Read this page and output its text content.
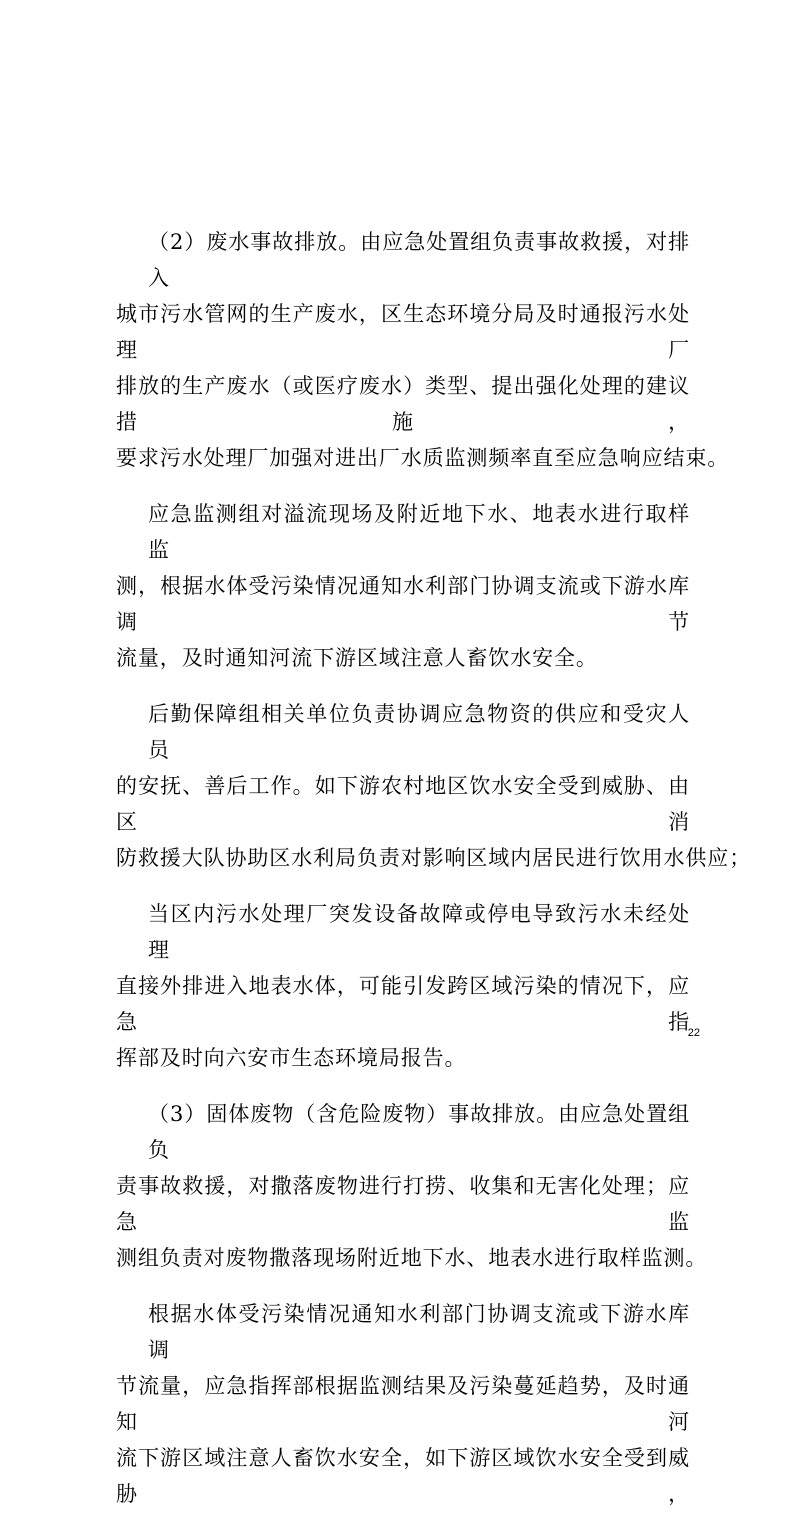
（2）废水事故排放。由应急处置组负责事故救援，对排入
城市污水管网的生产废水，区生态环境分局及时通报污水处理厂
排放的生产废水（或医疗废水）类型、提出强化处理的建议措施，
要求污水处理厂加强对进出厂水质监测频率直至应急响应结束。

应急监测组对溢流现场及附近地下水、地表水进行取样监
测，根据水体受污染情况通知水利部门协调支流或下游水库调节
流量，及时通知河流下游区域注意人畜饮水安全。

后勤保障组相关单位负责协调应急物资的供应和受灾人员
的安抚、善后工作。如下游农村地区饮水安全受到威胁、由区消
防救援大队协助区水利局负责对影响区域内居民进行饮用水供应；

当区内污水处理厂突发设备故障或停电导致污水未经处理
直接外排进入地表水体，可能引发跨区域污染的情况下，应急指
挥部及时向六安市生态环境局报告。

（3）固体废物（含危险废物）事故排放。由应急处置组负
责事故救援，对撒落废物进行打捞、收集和无害化处理；应急监
测组负责对废物撒落现场附近地下水、地表水进行取样监测。

根据水体受污染情况通知水利部门协调支流或下游水库调
节流量，应急指挥部根据监测结果及污染蔓延趋势，及时通知河
流下游区域注意人畜饮水安全，如下游区域饮水安全受到威胁，

22
